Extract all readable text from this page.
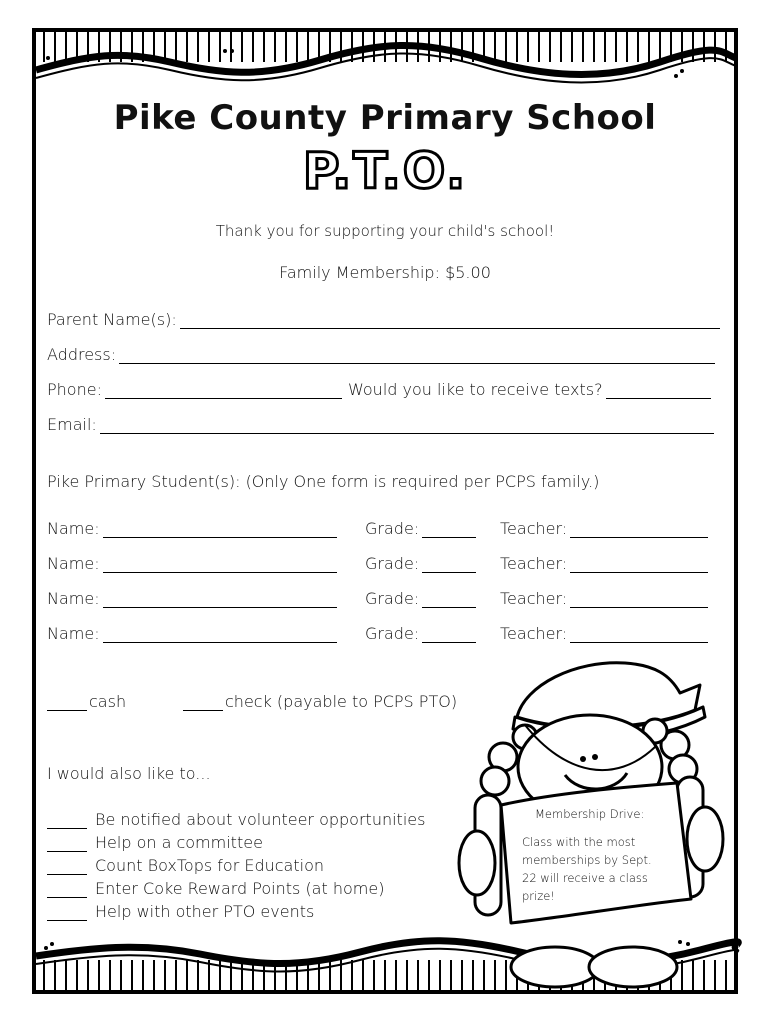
Pike County Primary School
P.T.O.
Thank you for supporting your child's school!
Family Membership: $5.00
Parent Name(s):
Address:
Phone:	Would you like to receive texts?
Email:
Pike Primary Student(s): (Only One form is required per PCPS family.)
Name:	Grade:	Teacher:
Name:	Grade:	Teacher:
Name:	Grade:	Teacher:
Name:	Grade:	Teacher:
cash	check (payable to PCPS PTO)
I would also like to...
Be notified about volunteer opportunities
Help on a committee
Count BoxTops for Education
Enter Coke Reward Points (at home)
Help with other PTO events
Membership Drive:
Class with the most memberships by Sept. 22 will receive a class prize!
